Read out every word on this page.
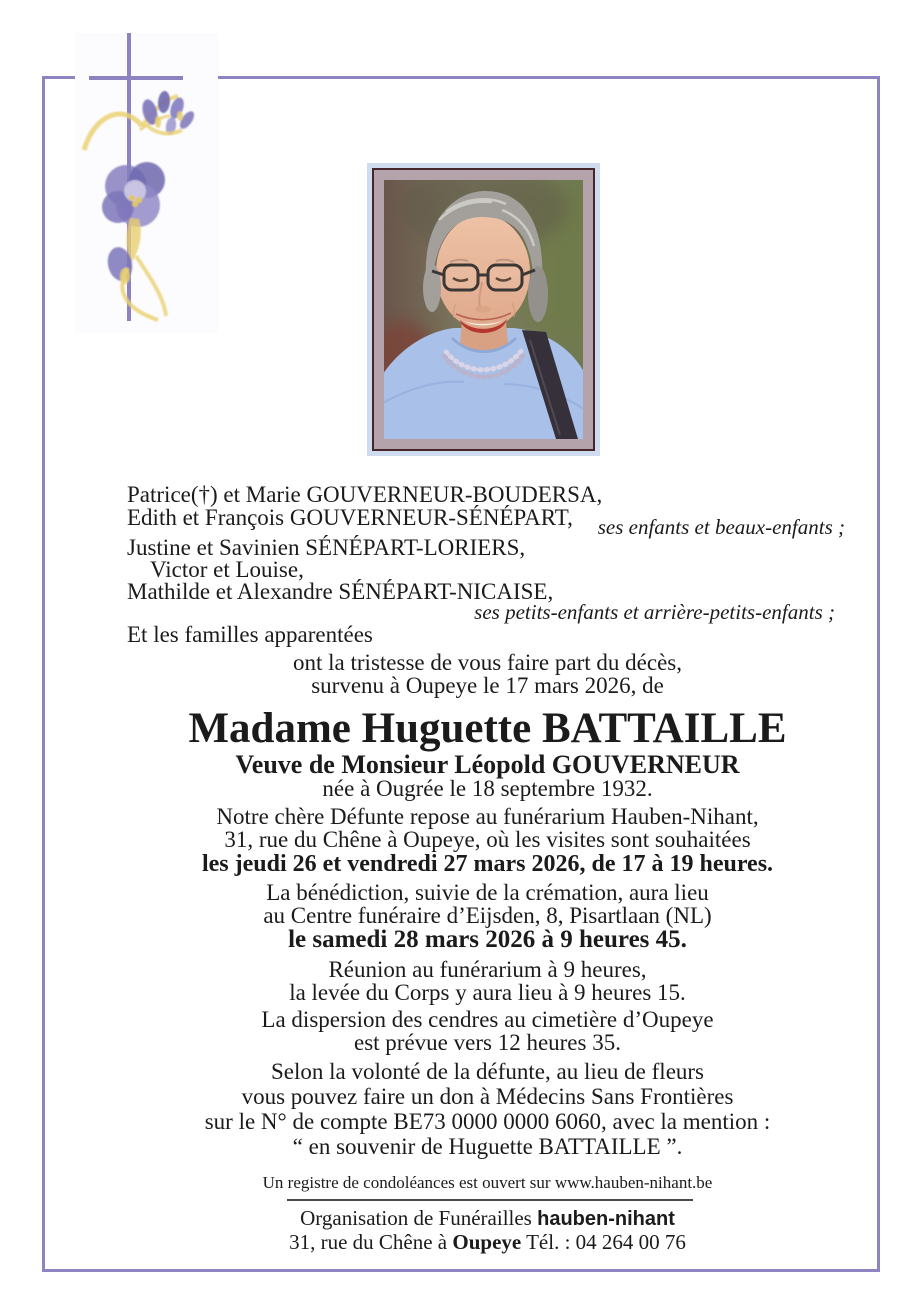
Patrice(†) et Marie GOUVERNEUR-BOUDERSA,
Edith et François GOUVERNEUR-SÉNÉPART,	ses enfants et beaux-enfants ;
Justine et Savinien SÉNÉPART-LORIERS,
Victor et Louise,
Mathilde et Alexandre SÉNÉPART-NICAISE,
ses petits-enfants et arrière-petits-enfants ;
Et les familles apparentées
ont la tristesse de vous faire part du décès,
survenu à Oupeye le 17 mars 2026, de
Madame Huguette BATTAILLE
Veuve de Monsieur Léopold GOUVERNEUR
née à Ougrée le 18 septembre 1932.
Notre chère Défunte repose au funérarium Hauben-Nihant,
31, rue du Chêne à Oupeye, où les visites sont souhaitées
les jeudi 26 et vendredi 27 mars 2026, de 17 à 19 heures.
La bénédiction, suivie de la crémation, aura lieu
au Centre funéraire d’Eijsden, 8, Pisartlaan (NL)
le samedi 28 mars 2026 à 9 heures 45.
Réunion au funérarium à 9 heures,
la levée du Corps y aura lieu à 9 heures 15.
La dispersion des cendres au cimetière d’Oupeye
est prévue vers 12 heures 35.
Selon la volonté de la défunte, au lieu de fleurs
vous pouvez faire un don à Médecins Sans Frontières
sur le N° de compte BE73 0000 0000 6060, avec la mention :
“ en souvenir de Huguette BATTAILLE ”.
Un registre de condoléances est ouvert sur www.hauben-nihant.be
Organisation de Funérailles hauben-nihant
31, rue du Chêne à Oupeye Tél. : 04 264 00 76
